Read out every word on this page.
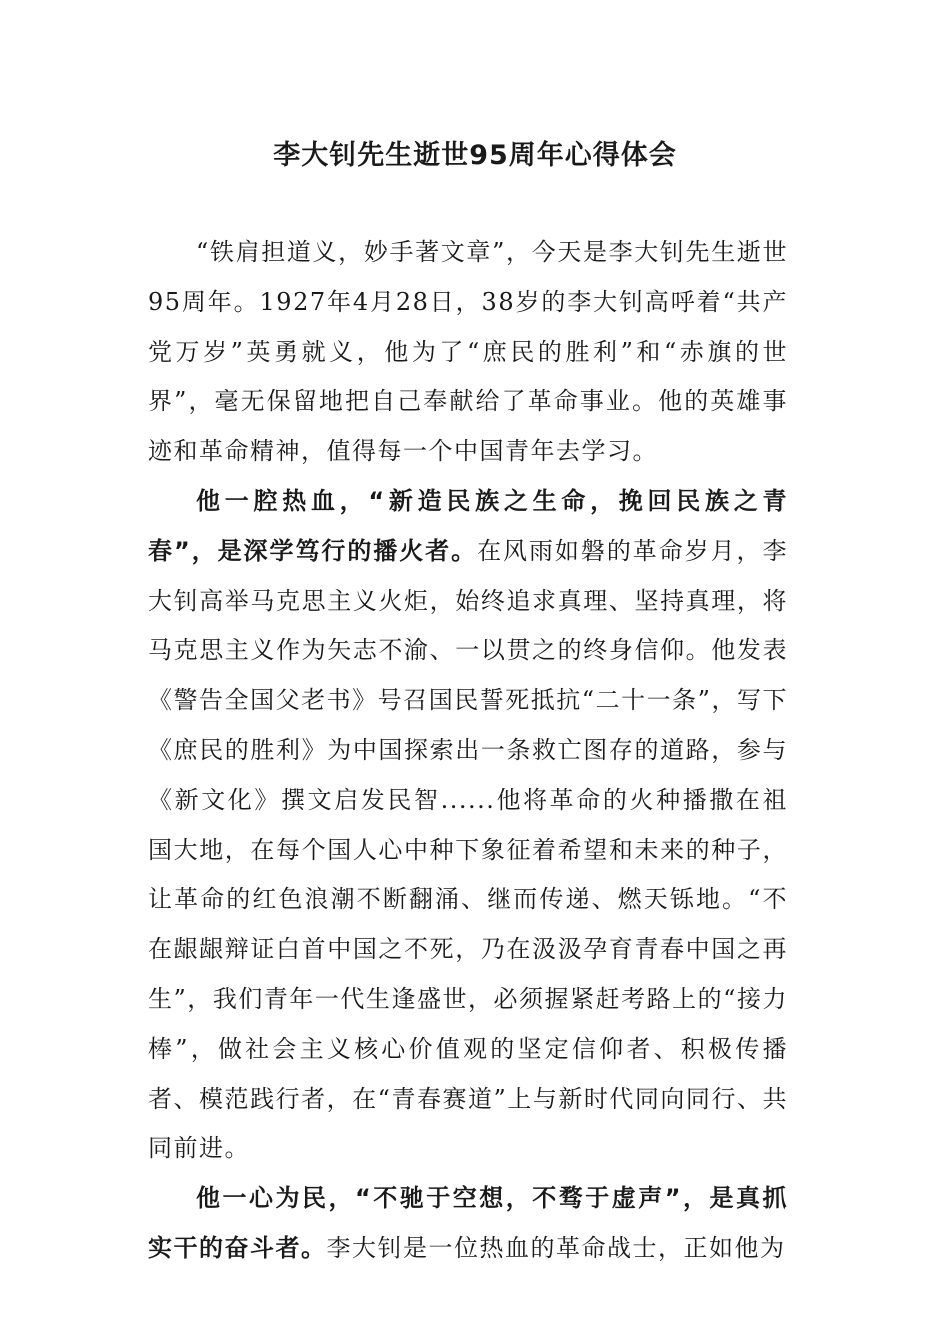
李大钊先生逝世95周年心得体会

“铁肩担道义，妙手著文章”，今天是李大钊先生逝世95周年。1927年4月28日，38岁的李大钊高呼着“共产党万岁”英勇就义，他为了“庶民的胜利”和“赤旗的世界”，毫无保留地把自己奉献给了革命事业。他的英雄事迹和革命精神，值得每一个中国青年去学习。

他一腔热血，“新造民族之生命，挽回民族之青春”，是深学笃行的播火者。在风雨如磐的革命岁月，李大钊高举马克思主义火炬，始终追求真理、坚持真理，将马克思主义作为矢志不渝、一以贯之的终身信仰。他发表《警告全国父老书》号召国民誓死抵抗“二十一条”，写下《庶民的胜利》为中国探索出一条救亡图存的道路，参与《新文化》撰文启发民智......他将革命的火种播撒在祖国大地，在每个国人心中种下象征着希望和未来的种子，让革命的红色浪潮不断翻涌、继而传递、燃天铄地。“不在龈龈辩证白首中国之不死，乃在汲汲孕育青春中国之再生”，我们青年一代生逢盛世，必须握紧赶考路上的“接力棒”，做社会主义核心价值观的坚定信仰者、积极传播者、模范践行者，在“青春赛道”上与新时代同向同行、共同前进。

他一心为民，“不驰于空想，不骛于虚声”，是真抓实干的奋斗者。李大钊是一位热血的革命战士，正如他为
